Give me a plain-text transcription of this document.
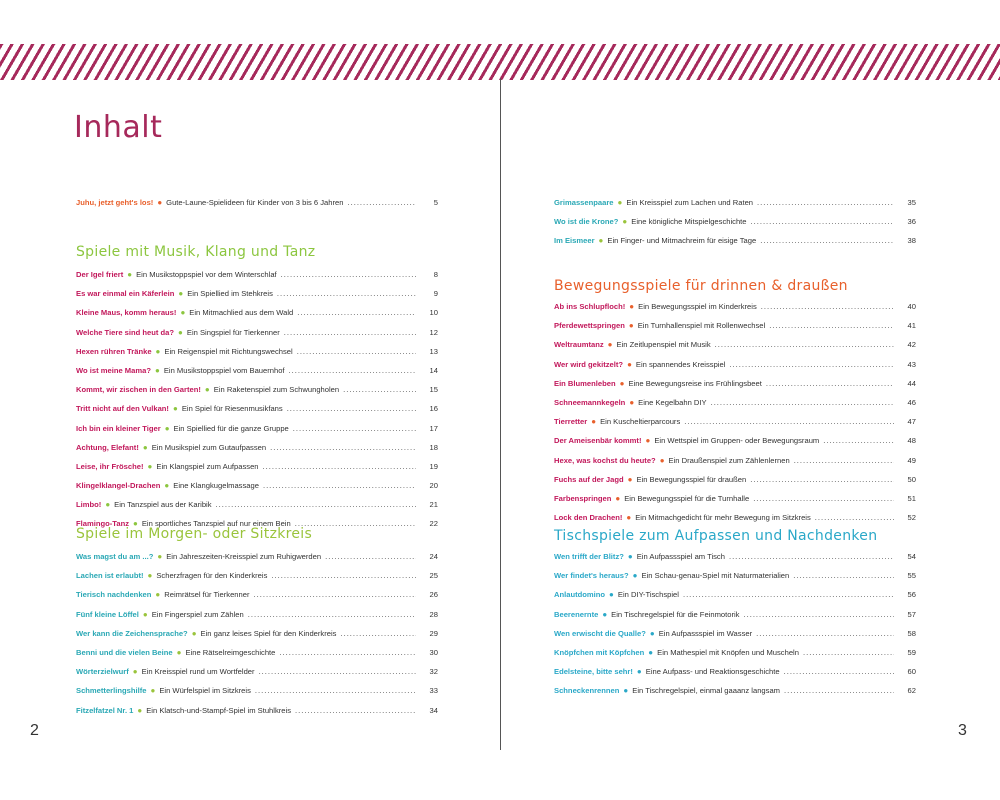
Inhalt
Juhu, jetzt geht's los! ● Gute-Laune-Spielideen für Kinder von 3 bis 6 Jahren .....	5
Spiele mit Musik, Klang und Tanz
Der Igel friert ● Ein Musikstoppspiel vor dem Winterschlaf .....	8
Es war einmal ein Käferlein ● Ein Spiellied im Stehkreis .....	9
Kleine Maus, komm heraus! ● Ein Mitmachlied aus dem Wald .....	10
Welche Tiere sind heut da? ● Ein Singspiel für Tierkenner .....	12
Hexen rühren Tränke ● Ein Reigenspiel mit Richtungswechsel .....	13
Wo ist meine Mama? ● Ein Musikstoppspiel vom Bauernhof .....	14
Kommt, wir zischen in den Garten! ● Ein Raketenspiel zum Schwungholen .....	15
Tritt nicht auf den Vulkan! ● Ein Spiel für Riesenmusikfans .....	16
Ich bin ein kleiner Tiger ● Ein Spiellied für die ganze Gruppe .....	17
Achtung, Elefant! ● Ein Musikspiel zum Gutaufpassen .....	18
Leise, ihr Frösche! ● Ein Klangspiel zum Aufpassen .....	19
Klingelklangel-Drachen ● Eine Klangkugelmassage .....	20
Limbo! ● Ein Tanzspiel aus der Karibik .....	21
Flamingo-Tanz ● Ein sportliches Tanzspiel auf nur einem Bein .....	22
Spiele im Morgen- oder Sitzkreis
Was magst du am ...? ● Ein Jahreszeiten-Kreisspiel zum Ruhigwerden .....	24
Lachen ist erlaubt! ● Scherzfragen für den Kinderkreis .....	25
Tierisch nachdenken ● Reimrätsel für Tierkenner .....	26
Fünf kleine Löffel ● Ein Fingerspiel zum Zählen .....	28
Wer kann die Zeichensprache? ● Ein ganz leises Spiel für den Kinderkreis .....	29
Benni und die vielen Beine ● Eine Rätselreimgeschichte .....	30
Wörterzielwurf ● Ein Kreisspiel rund um Wortfelder .....	32
Schmetterlingshilfe ● Ein Würfelspiel im Sitzkreis .....	33
Fitzelfatzel Nr. 1 ● Ein Klatsch-und-Stampf-Spiel im Stuhlkreis .....	34
Grimassenpaare ● Ein Kreisspiel zum Lachen und Raten .....	35
Wo ist die Krone? ● Eine königliche Mitspielgeschichte .....	36
Im Eismeer ● Ein Finger- und Mitmachreim für eisige Tage .....	38
Bewegungsspiele für drinnen & draußen
Ab ins Schlupfloch! ● Ein Bewegungsspiel im Kinderkreis .....	40
Pferdewettspringen ● Ein Turnhallenspiel mit Rollenwechsel .....	41
Weltraumtanz ● Ein Zeitlupenspiel mit Musik .....	42
Wer wird gekitzelt? ● Ein spannendes Kreisspiel .....	43
Ein Blumenleben ● Eine Bewegungsreise ins Frühlingsbeet .....	44
Schneemannkegeln ● Eine Kegelbahn DIY .....	46
Tierretter ● Ein Kuscheltierparcours .....	47
Der Ameisenbär kommt! ● Ein Wettspiel im Gruppen- oder Bewegungsraum .....	48
Hexe, was kochst du heute? ● Ein Draußenspiel zum Zählenlernen .....	49
Fuchs auf der Jagd ● Ein Bewegungsspiel für draußen .....	50
Farbenspringen ● Ein Bewegungsspiel für die Turnhalle .....	51
Lock den Drachen! ● Ein Mitmachgedicht für mehr Bewegung im Sitzkreis .....	52
Tischspiele zum Aufpassen und Nachdenken
Wen trifft der Blitz? ● Ein Aufpassspiel am Tisch .....	54
Wer findet's heraus? ● Ein Schau-genau-Spiel mit Naturmaterialien .....	55
Anlautdomino ● Ein DIY-Tischspiel .....	56
Beerenernte ● Ein Tischregelspiel für die Feinmotorik .....	57
Wen erwischt die Qualle? ● Ein Aufpassspiel im Wasser .....	58
Knöpfchen mit Köpfchen ● Ein Mathespiel mit Knöpfen und Muscheln .....	59
Edelsteine, bitte sehr! ● Eine Aufpass- und Reaktionsgeschichte .....	60
Schneckenrennen ● Ein Tischregelspiel, einmal gaaanz langsam .....	62
2	3
